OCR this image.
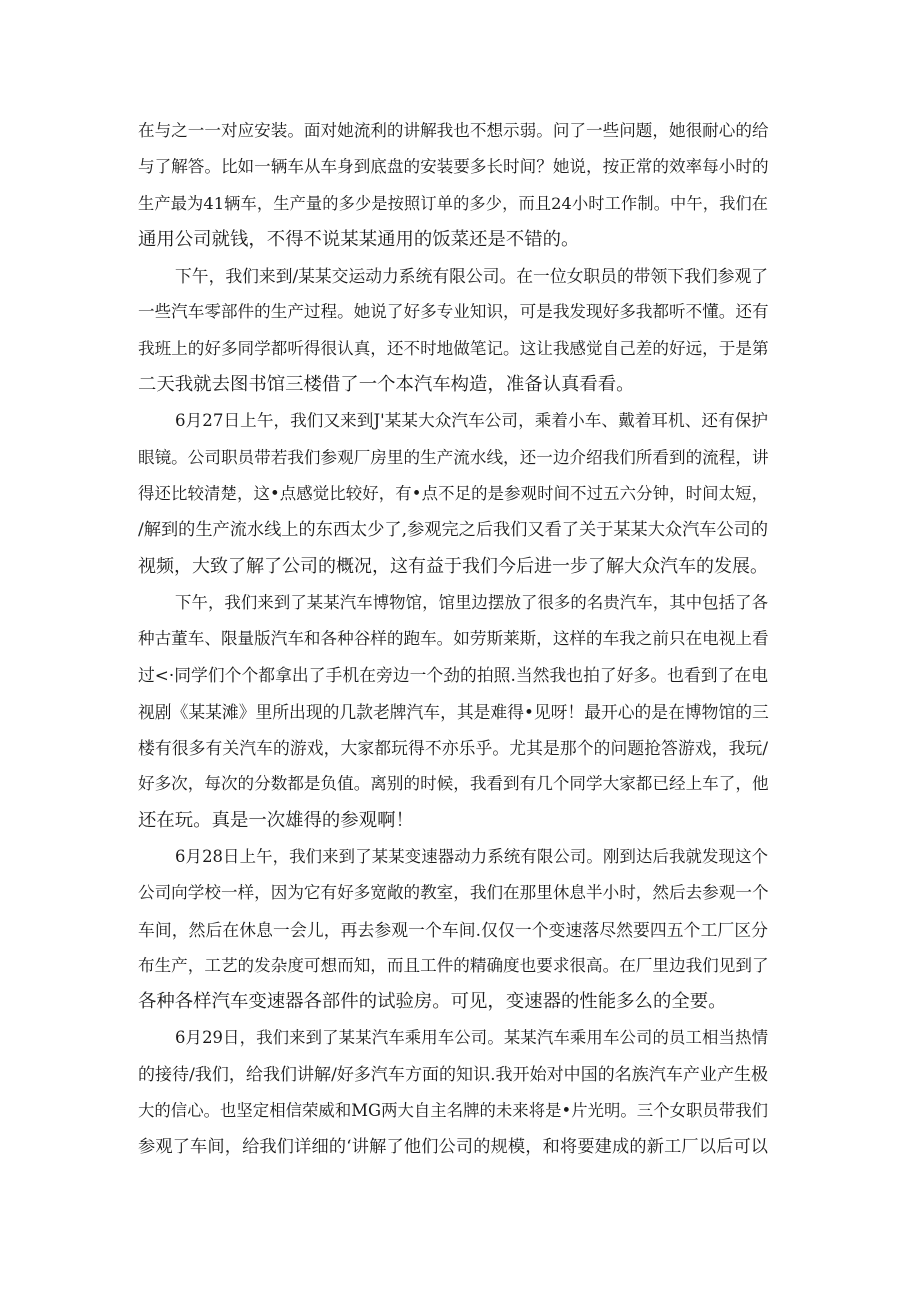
在与之一一对应安装。面对她流利的讲解我也不想示弱。问了一些问题，她很耐心的给
与了解答。比如一辆车从车身到底盘的安装要多长时间？她说，按正常的效率每小时的
生产最为41辆车，生产量的多少是按照订单的多少，而且24小时工作制。中午，我们在
通用公司就钱，不得不说某某通用的饭菜还是不错的。
下午，我们来到/某某交运动力系统有限公司。在一位女职员的带领下我们参观了
一些汽车零部件的生产过程。她说了好多专业知识，可是我发现好多我都听不懂。还有
我班上的好多同学都听得很认真，还不时地做笔记。这让我感觉自己差的好远，于是第
二天我就去图书馆三楼借了一个本汽车构造，准备认真看看。
6月27日上午，我们又来到J'某某大众汽车公司，乘着小车、戴着耳机、还有保护
眼镜。公司职员带若我们参观厂房里的生产流水线，还一边介绍我们所看到的流程，讲
得还比较清楚，这•点感觉比较好，有•点不足的是参观时间不过五六分钟，时间太短，
/解到的生产流水线上的东西太少了,参观完之后我们又看了关于某某大众汽车公司的
视频，大致了解了公司的概况，这有益于我们今后进一步了解大众汽车的发展。
下午，我们来到了某某汽车博物馆，馆里边摆放了很多的名贵汽车，其中包括了各
种古董车、限量版汽车和各种谷样的跑车。如劳斯莱斯，这样的车我之前只在电视上看
过<·同学们个个都拿出了手机在旁边一个劲的拍照.当然我也拍了好多。也看到了在电
视剧《某某滩》里所出现的几款老牌汽车，其是难得•见呀！最开心的是在博物馆的三
楼有很多有关汽车的游戏，大家都玩得不亦乐乎。尤其是那个的问题抢答游戏，我玩/
好多次，每次的分数都是负值。离别的时候，我看到有几个同学大家都已经上车了，他
还在玩。真是一次雄得的参观啊！
6月28日上午，我们来到了某某变速器动力系统有限公司。刚到达后我就发现这个
公司向学校一样，因为它有好多宽敞的教室，我们在那里休息半小时，然后去参观一个
车间，然后在休息一会儿，再去参观一个车间.仅仅一个变速落尽然要四五个工厂区分
布生产，工艺的发杂度可想而知，而且工件的精确度也要求很高。在厂里边我们见到了
各种各样汽车变速器各部件的试验房。可见，变速器的性能多么的全要。
6月29日，我们来到了某某汽车乘用车公司。某某汽车乘用车公司的员工相当热情
的接待/我们，给我们讲解/好多汽车方面的知识.我开始对中国的名族汽车产业产生极
大的信心。也坚定相信荣威和MG两大自主名牌的未来将是•片光明。三个女职员带我们
参观了车间，给我们详细的‘讲解了他们公司的规模，和将要建成的新工厂以后可以
